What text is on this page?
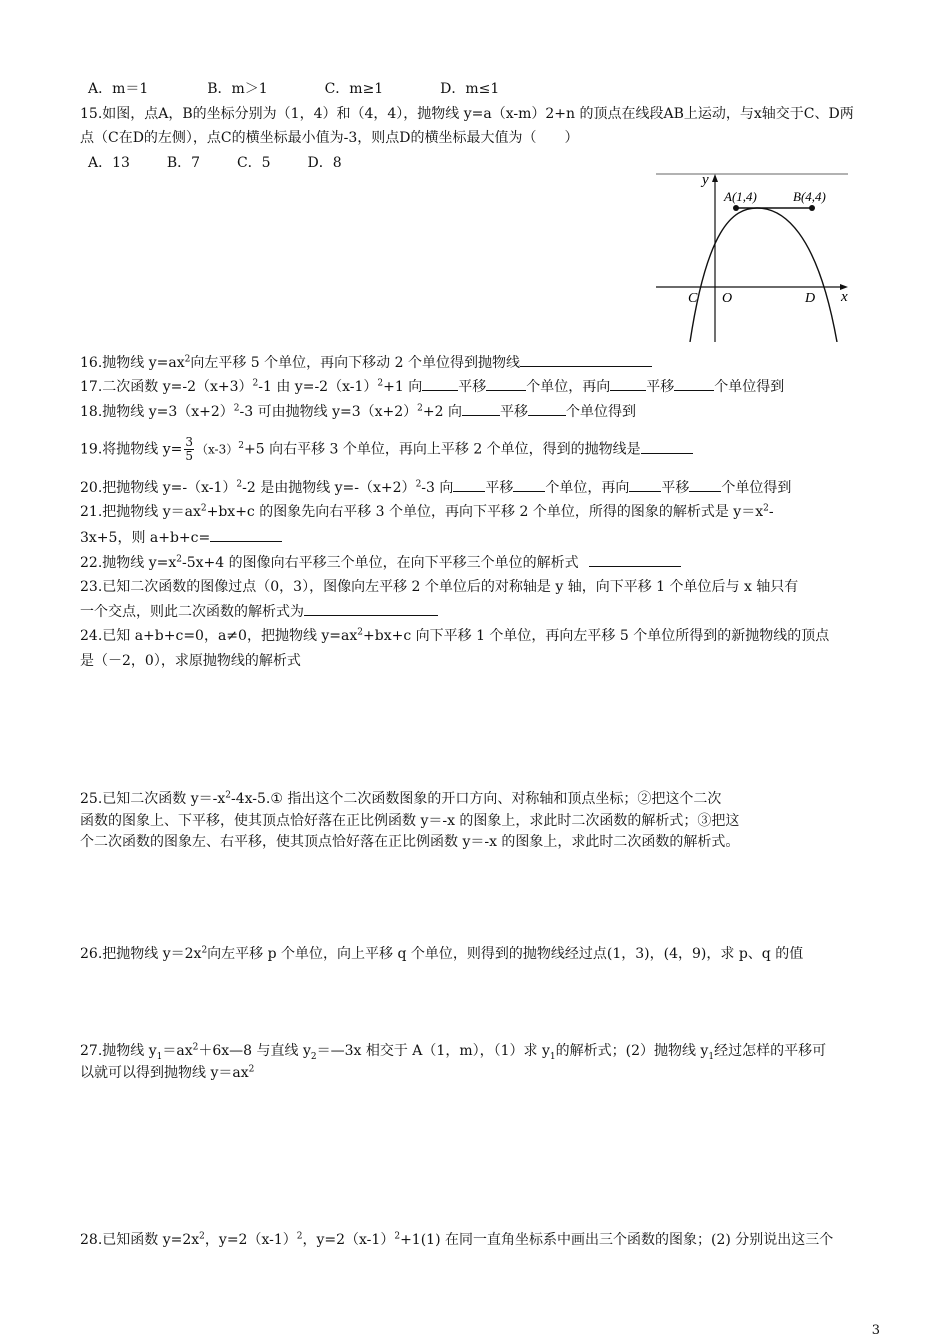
A．m＝1	B．m＞1	C．m≥1	D．m≤1
15.如图，点A，B的坐标分别为（1，4）和（4，4），抛物线 y=a（x-m）2+n 的顶点在线段AB上运动，与x轴交于C、D两
点（C在D的左侧），点C的横坐标最小值为-3，则点D的横坐标最大值为（　　）
A．13	B．7	C．5	D．8
y
x
O
A(1,4)	B(4,4)
C	D
16.抛物线 $y=ax^2$向左平移 5 个单位，再向下移动 2 个单位得到抛物线
17.二次函数 $y=-2(x+3)^2-1$ 由 $y=-2(x-1)^2+1$ 向	平移	个单位，再向	平移	个单位得到
18.抛物线 $y=3(x+2)^2-3$ 可由抛物线 $y=3(x+2)^2+2$ 向	平移	个单位得到
19.将抛物线 $y= \frac{3}{5} (x-3)^2+5$ 向右平移 3 个单位，再向上平移 2 个单位，得到的抛物线是
20.把抛物线 $y=-(x-1)^2-2$ 是由抛物线 $y=-(x+2)^2-3$ 向 平移 个单位，再向 平移 个单位得到
21.把抛物线 $y=ax^2+bx+c$ 的图象先向右平移 3 个单位，再向下平移 2 个单位，所得的图象的解析式是 $y=x^2-$
3x+5，则 a+b+c=
22.抛物线 $y=x^2-5x+4$ 的图像向右平移三个单位，在向下平移三个单位的解析式
23.已知二次函数的图像过点（0，3），图像向左平移 2 个单位后的对称轴是 y 轴，向下平移 1 个单位后与 x 轴只有
一个交点，则此二次函数的解析式为
24.已知 a+b+c=0，a≠0，把抛物线 $y=ax^2+bx+c$ 向下平移 1 个单位，再向左平移 5 个单位所得到的新抛物线的顶点
是（－2，0），求原抛物线的解析式
25.已知二次函数 $y=-x^2-4x-5.①$ 指出这个二次函数图象的开口方向、对称轴和顶点坐标；②把这个二次
函数的图象上、下平移，使其顶点恰好落在正比例函数 y＝-x 的图象上，求此时二次函数的解析式；③把这
个二次函数的图象左、右平移，使其顶点恰好落在正比例函数 y＝-x 的图象上，求此时二次函数的解析式。
26.把抛物线 $y=2x^2$向左平移 p 个单位，向上平移 q 个单位，则得到的抛物线经过点(1，3)，(4，9)，求 p、q 的值
27.抛物线 $y_1=ax^2+6x—8$ 与直线 $y_2=—3x$ 相交于 A（1，m），（1）求 $y_1$的解析式；(2）抛物线 $y_1$经过怎样的平移可
以就可以得到抛物线 $y=ax^2$
28.已知函数 $y=2x^2$，$y=2(x-1)^2$，$y=2(x-1)^2+1(1)$ 在同一直角坐标系中画出三个函数的图象；(2) 分别说出这三个
3
